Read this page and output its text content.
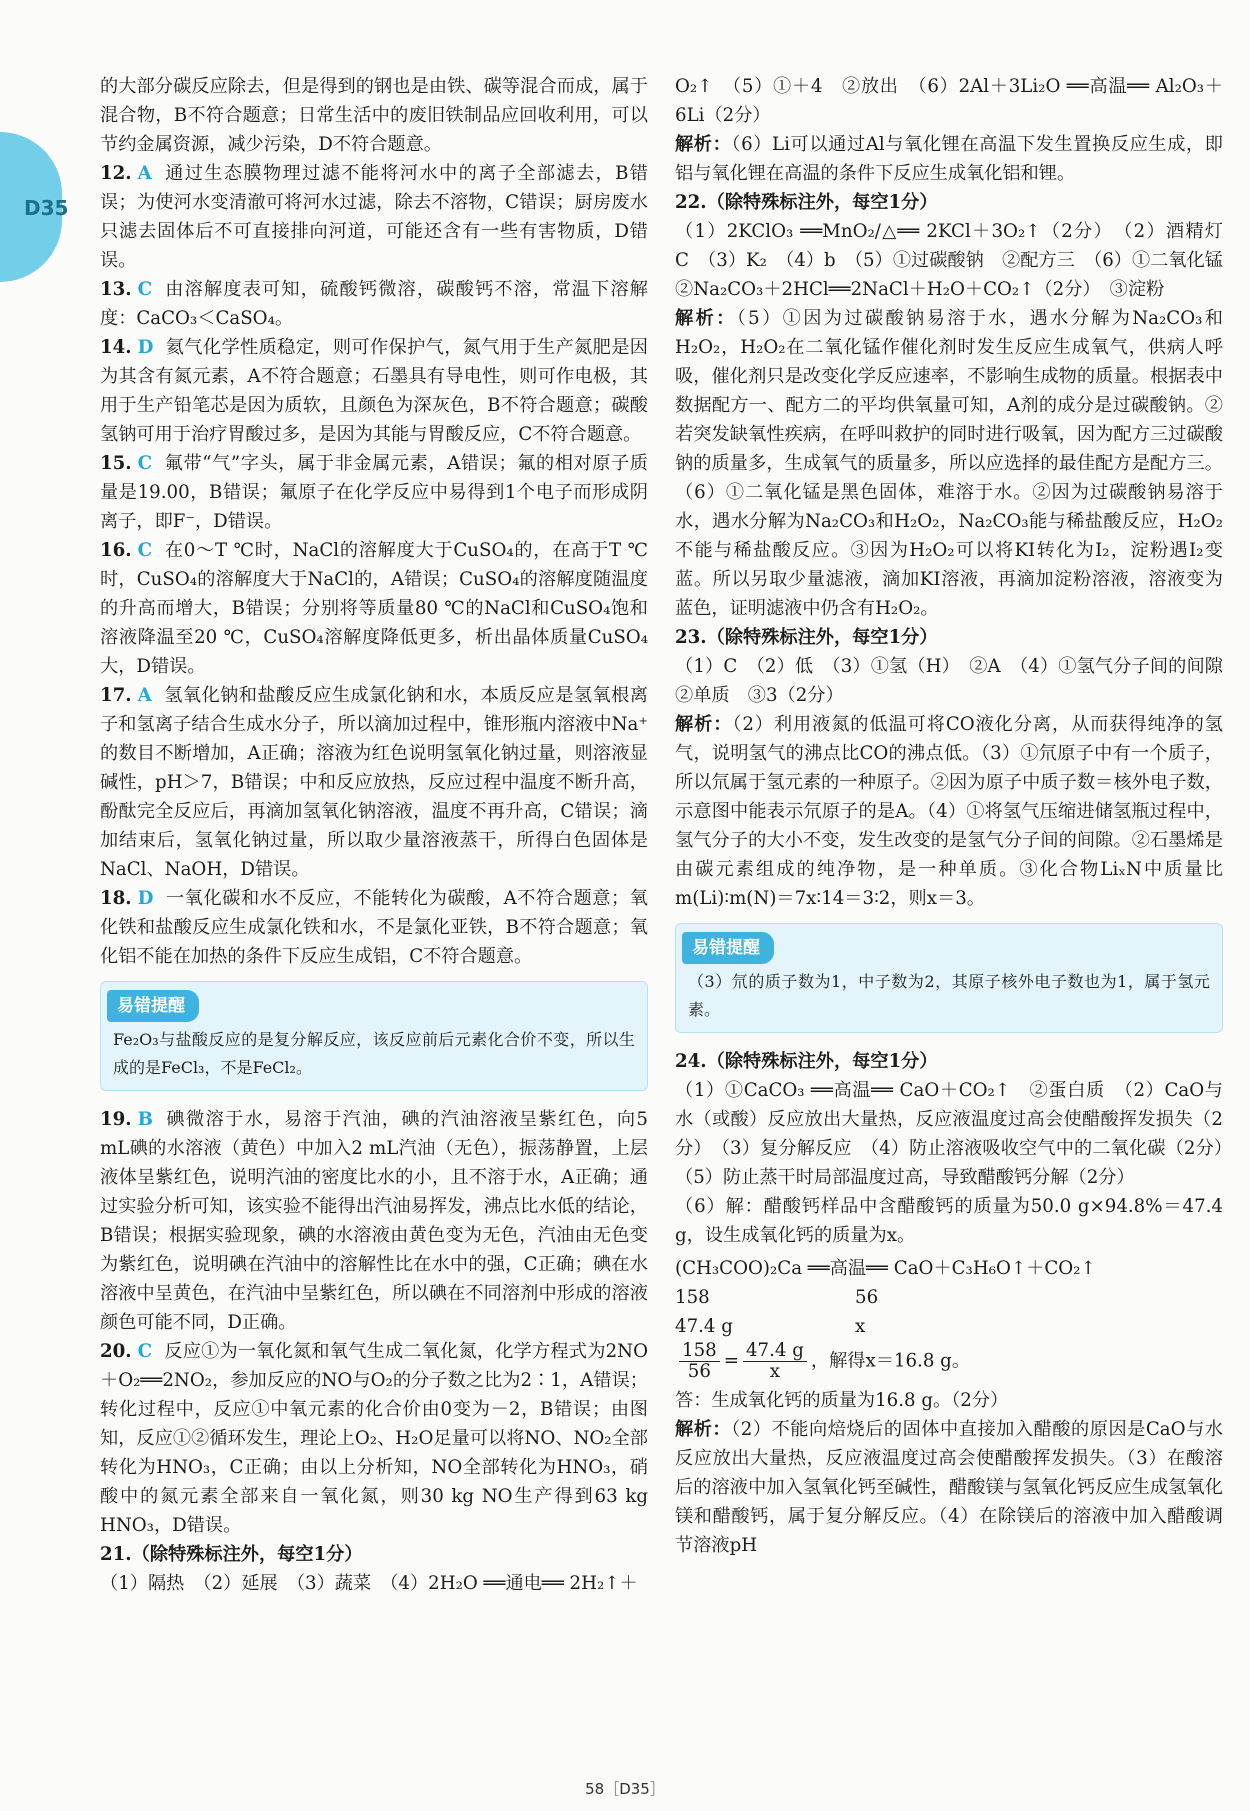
D35

的大部分碳反应除去，但是得到的钢也是由铁、碳等混合而成，属于混合物，B不符合题意；日常生活中的废旧铁制品应回收利用，可以节约金属资源，减少污染，D不符合题意。

12. A 通过生态膜物理过滤不能将河水中的离子全部滤去，B错误；为使河水变清澈可将河水过滤，除去不溶物，C错误；厨房废水只滤去固体后不可直接排向河道，可能还含有一些有害物质，D错误。

13. C 由溶解度表可知，硫酸钙微溶，碳酸钙不溶，常温下溶解度：CaCO₃＜CaSO₄。

14. D 氦气化学性质稳定，则可作保护气，氮气用于生产氮肥是因为其含有氮元素，A不符合题意；石墨具有导电性，则可作电极，其用于生产铅笔芯是因为质软，且颜色为深灰色，B不符合题意；碳酸氢钠可用于治疗胃酸过多，是因为其能与胃酸反应，C不符合题意。

15. C 氟带“气”字头，属于非金属元素，A错误；氟的相对原子质量是19.00，B错误；氟原子在化学反应中易得到1个电子而形成阴离子，即F⁻，D错误。

16. C 在0～T ℃时，NaCl的溶解度大于CuSO₄的，在高于T ℃时，CuSO₄的溶解度大于NaCl的，A错误；CuSO₄的溶解度随温度的升高而增大，B错误；分别将等质量80 ℃的NaCl和CuSO₄饱和溶液降温至20 ℃，CuSO₄溶解度降低更多，析出晶体质量CuSO₄大，D错误。

17. A 氢氧化钠和盐酸反应生成氯化钠和水，本质反应是氢氧根离子和氢离子结合生成水分子，所以滴加过程中，锥形瓶内溶液中Na⁺的数目不断增加，A正确；溶液为红色说明氢氧化钠过量，则溶液显碱性，pH＞7，B错误；中和反应放热，反应过程中温度不断升高，酚酞完全反应后，再滴加氢氧化钠溶液，温度不再升高，C错误；滴加结束后，氢氧化钠过量，所以取少量溶液蒸干，所得白色固体是NaCl、NaOH，D错误。

18. D 一氧化碳和水不反应，不能转化为碳酸，A不符合题意；氧化铁和盐酸反应生成氯化铁和水，不是氯化亚铁，B不符合题意；氧化铝不能在加热的条件下反应生成铝，C不符合题意。

易错提醒
Fe₂O₃与盐酸反应的是复分解反应，该反应前后元素化合价不变，所以生成的是FeCl₃，不是FeCl₂。

19. B 碘微溶于水，易溶于汽油，碘的汽油溶液呈紫红色，向5 mL碘的水溶液（黄色）中加入2 mL汽油（无色），振荡静置，上层液体呈紫红色，说明汽油的密度比水的小，且不溶于水，A正确；通过实验分析可知，该实验不能得出汽油易挥发，沸点比水低的结论，B错误；根据实验现象，碘的水溶液由黄色变为无色，汽油由无色变为紫红色，说明碘在汽油中的溶解性比在水中的强，C正确；碘在水溶液中呈黄色，在汽油中呈紫红色，所以碘在不同溶剂中形成的溶液颜色可能不同，D正确。

20. C 反应①为一氧化氮和氧气生成二氧化氮，化学方程式为2NO＋O₂══2NO₂，参加反应的NO与O₂的分子数之比为2∶1，A错误；转化过程中，反应①中氧元素的化合价由0变为－2，B错误；由图知，反应①②循环发生，理论上O₂、H₂O足量可以将NO、NO₂全部转化为HNO₃，C正确；由以上分析知，NO全部转化为HNO₃，硝酸中的氮元素全部来自一氧化氮，则30 kg NO生产得到63 kg HNO₃，D错误。

21.（除特殊标注外，每空1分）

（1）隔热　（2）延展　（3）蔬菜　（4）2H₂O ══通电══ 2H₂↑＋

O₂↑　（5）①＋4　②放出　（6）2Al＋3Li₂O ══高温══ Al₂O₃＋6Li（2分）

解析：（6）Li可以通过Al与氧化锂在高温下发生置换反应生成，即铝与氧化锂在高温的条件下反应生成氧化铝和锂。

22.（除特殊标注外，每空1分）

（1）2KClO₃ ══MnO₂/△══ 2KCl＋3O₂↑（2分）　（2）酒精灯　C　（3）K₂　（4）b　（5）①过碳酸钠　②配方三　（6）①二氧化锰　②Na₂CO₃＋2HCl══2NaCl＋H₂O＋CO₂↑（2分）　③淀粉

解析：（5）①因为过碳酸钠易溶于水，遇水分解为Na₂CO₃和H₂O₂，H₂O₂在二氧化锰作催化剂时发生反应生成氧气，供病人呼吸，催化剂只是改变化学反应速率，不影响生成物的质量。根据表中数据配方一、配方二的平均供氧量可知，A剂的成分是过碳酸钠。②若突发缺氧性疾病，在呼叫救护的同时进行吸氧，因为配方三过碳酸钠的质量多，生成氧气的质量多，所以应选择的最佳配方是配方三。（6）①二氧化锰是黑色固体，难溶于水。②因为过碳酸钠易溶于水，遇水分解为Na₂CO₃和H₂O₂，Na₂CO₃能与稀盐酸反应，H₂O₂不能与稀盐酸反应。③因为H₂O₂可以将KI转化为I₂，淀粉遇I₂变蓝。所以另取少量滤液，滴加KI溶液，再滴加淀粉溶液，溶液变为蓝色，证明滤液中仍含有H₂O₂。

23.（除特殊标注外，每空1分）

（1）C　（2）低　（3）①氢（H）　②A　（4）①氢气分子间的间隙　②单质　③3（2分）

解析：（2）利用液氮的低温可将CO液化分离，从而获得纯净的氢气，说明氢气的沸点比CO的沸点低。（3）①氘原子中有一个质子，所以氘属于氢元素的一种原子。②因为原子中质子数＝核外电子数，示意图中能表示氘原子的是A。（4）①将氢气压缩进储氢瓶过程中，氢气分子的大小不变，发生改变的是氢气分子间的间隙。②石墨烯是由碳元素组成的纯净物，是一种单质。③化合物LiₓN中质量比m(Li)∶m(N)＝7x∶14＝3∶2，则x＝3。

易错提醒
（3）氘的质子数为1，中子数为2，其原子核外电子数也为1，属于氢元素。

24.（除特殊标注外，每空1分）

（1）①CaCO₃ ══高温══ CaO＋CO₂↑　②蛋白质　（2）CaO与水（或酸）反应放出大量热，反应液温度过高会使醋酸挥发损失（2分）　（3）复分解反应　（4）防止溶液吸收空气中的二氧化碳（2分）　（5）防止蒸干时局部温度过高，导致醋酸钙分解（2分）

（6）解：醋酸钙样品中含醋酸钙的质量为50.0 g×94.8%＝47.4 g，设生成氧化钙的质量为x。

(CH₃COO)₂Ca ══高温══ CaO＋C₃H₆O↑＋CO₂↑
158	56
47.4 g	x
$\frac{158}{56} = \frac{47.4 g}{x}$ ，解得x＝16.8 g。

答：生成氧化钙的质量为16.8 g。（2分）

解析：（2）不能向焙烧后的固体中直接加入醋酸的原因是CaO与水反应放出大量热，反应液温度过高会使醋酸挥发损失。（3）在酸溶后的溶液中加入氢氧化钙至碱性，醋酸镁与氢氧化钙反应生成氢氧化镁和醋酸钙，属于复分解反应。（4）在除镁后的溶液中加入醋酸调节溶液pH

58［D35］
